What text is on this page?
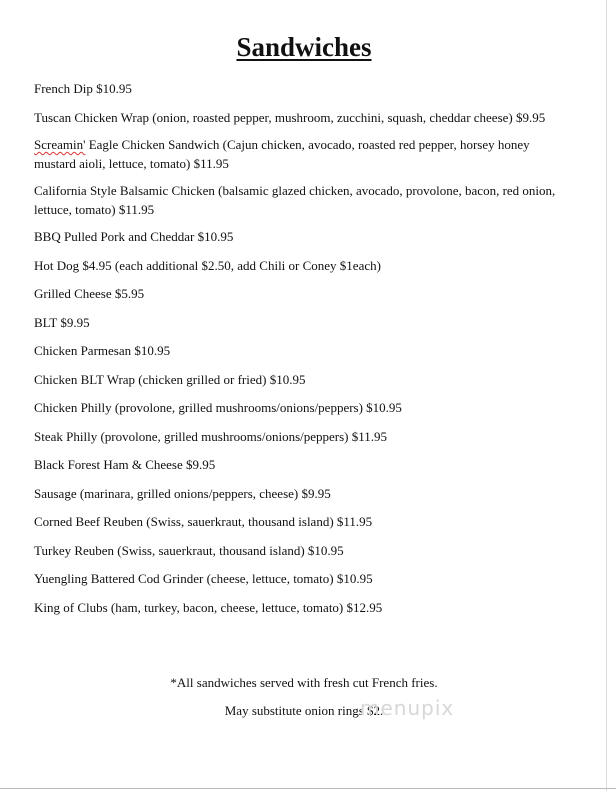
Sandwiches
French Dip $10.95
Tuscan Chicken Wrap (onion, roasted pepper, mushroom, zucchini, squash, cheddar cheese) $9.95
Screamin' Eagle Chicken Sandwich (Cajun chicken, avocado, roasted red pepper, horsey honey mustard aioli, lettuce, tomato) $11.95
California Style Balsamic Chicken (balsamic glazed chicken, avocado, provolone, bacon, red onion, lettuce, tomato) $11.95
BBQ Pulled Pork and Cheddar $10.95
Hot Dog $4.95 (each additional $2.50, add Chili or Coney $1each)
Grilled Cheese $5.95
BLT $9.95
Chicken Parmesan $10.95
Chicken BLT Wrap (chicken grilled or fried) $10.95
Chicken Philly (provolone, grilled mushrooms/onions/peppers) $10.95
Steak Philly (provolone, grilled mushrooms/onions/peppers) $11.95
Black Forest Ham & Cheese $9.95
Sausage (marinara, grilled onions/peppers, cheese) $9.95
Corned Beef Reuben (Swiss, sauerkraut, thousand island) $11.95
Turkey Reuben (Swiss, sauerkraut, thousand island) $10.95
Yuengling Battered Cod Grinder (cheese, lettuce, tomato) $10.95
King of Clubs (ham, turkey, bacon, cheese, lettuce, tomato) $12.95
*All sandwiches served with fresh cut French fries.
May substitute onion rings $2.
menupix
